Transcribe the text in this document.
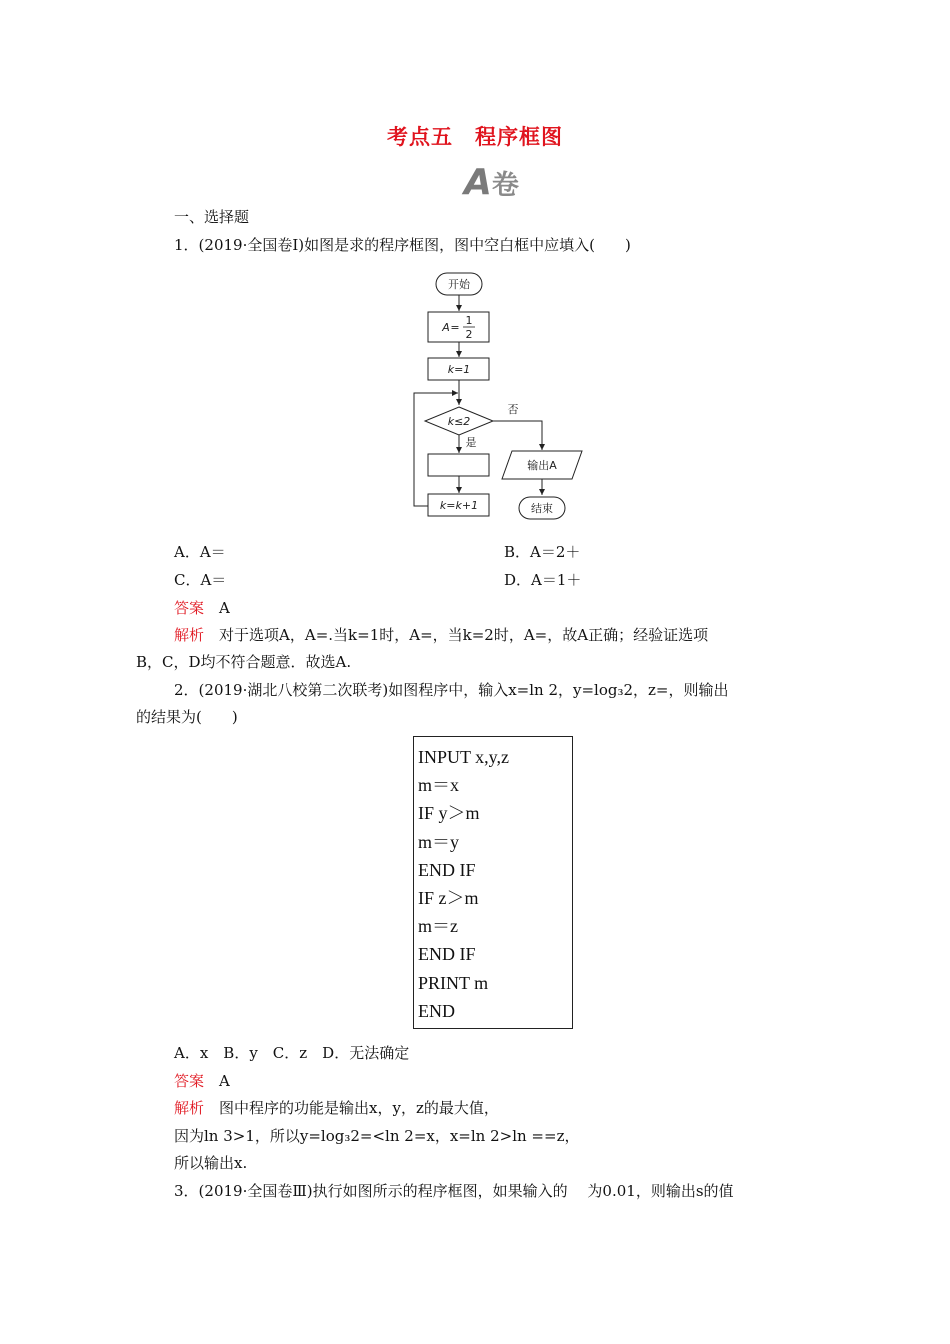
考点五　程序框图
A卷
一、选择题
1．(2019·全国卷Ⅰ)如图是求的程序框图，图中空白框中应填入(　　)
开始
A =
1
2
k=1
k≤2
否
是
输出A
k=k+1	结束
A．A＝	B．A＝2＋
C．A＝	D．A＝1＋
答案　 A
解析　 对于选项A，A=.当k=1时，A=，当k=2时，A=，故A正确；经验证选项
B，C，D均不符合题意．故选A.
2．(2019·湖北八校第二次联考)如图程序中，输入x=ln 2，y=log₃2，z=，则输出
的结果为(　　)
INPUT x,y,z
m＝x
IF y＞m
m＝y
END IF
IF z＞m
m＝z
END IF
PRINT m
END
A．x　B．y　C．z　D．无法确定
答案　 A
解析　 图中程序的功能是输出x，y，z的最大值，
因为ln 3>1，所以y=log₃2=<ln 2=x，x=ln 2>ln ==z，
所以输出x.
3．(2019·全国卷Ⅲ)执行如图所示的程序框图，如果输入的　 为0.01，则输出s的值
